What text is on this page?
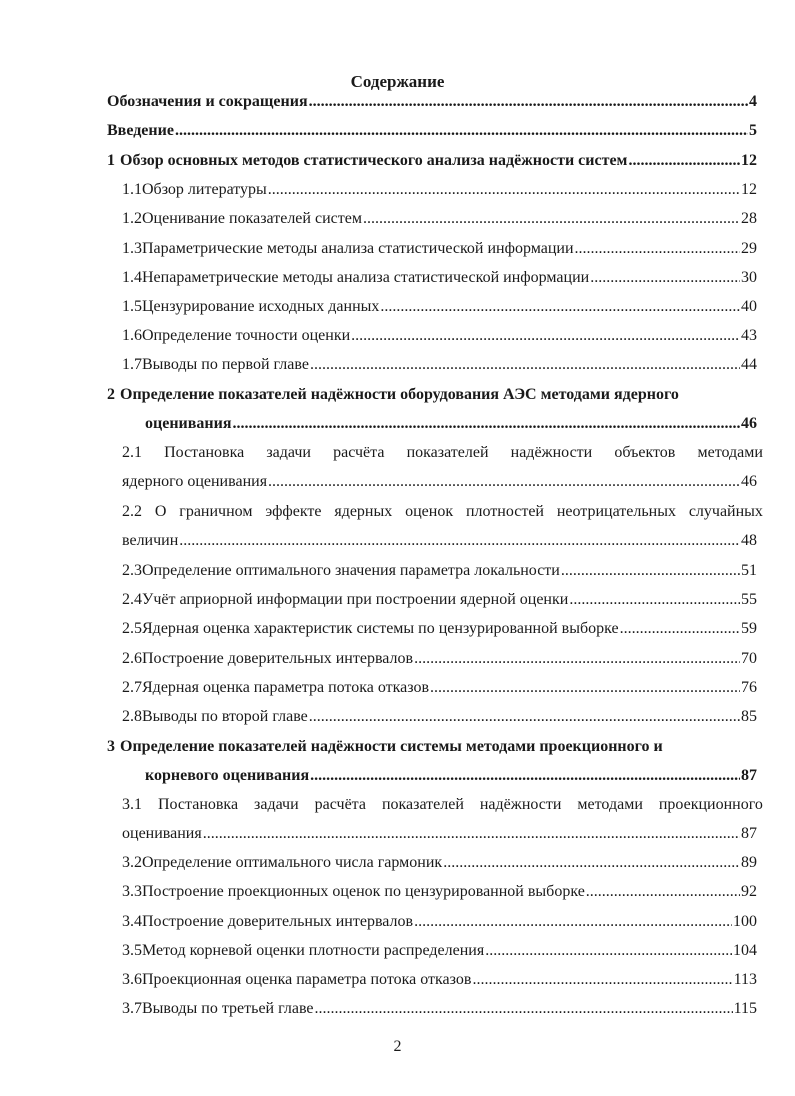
Содержание
Обозначения и сокращения .....	4
Введение .....	5
1 Обзор основных методов статистического анализа надёжности систем .....	12
1.1 Обзор литературы .....	12
1.2 Оценивание показателей систем .....	28
1.3 Параметрические методы анализа статистической информации .....	29
1.4 Непараметрические методы анализа статистической информации .....	30
1.5 Цензурирование исходных данных .....	40
1.6 Определение точности оценки .....	43
1.7 Выводы по первой главе .....	44
2 Определение показателей надёжности оборудования АЭС методами ядерного
оценивания .....	46
2.1 Постановка задачи расчёта показателей надёжности объектов методами
ядерного оценивания .....	46
2.2 О граничном эффекте ядерных оценок плотностей неотрицательных случайных
величин .....	48
2.3 Определение оптимального значения параметра локальности .....	51
2.4 Учёт априорной информации при построении ядерной оценки .....	55
2.5 Ядерная оценка характеристик системы по цензурированной выборке .....	59
2.6 Построение доверительных интервалов .....	70
2.7 Ядерная оценка параметра потока отказов .....	76
2.8 Выводы по второй главе .....	85
3 Определение показателей надёжности системы методами проекционного и
корневого оценивания .....	87
3.1 Постановка задачи расчёта показателей надёжности методами проекционного
оценивания .....	87
3.2 Определение оптимального числа гармоник .....	89
3.3 Построение проекционных оценок по цензурированной выборке .....	92
3.4 Построение доверительных интервалов .....	100
3.5 Метод корневой оценки плотности распределения .....	104
3.6 Проекционная оценка параметра потока отказов .....	113
3.7 Выводы по третьей главе .....	115
2
